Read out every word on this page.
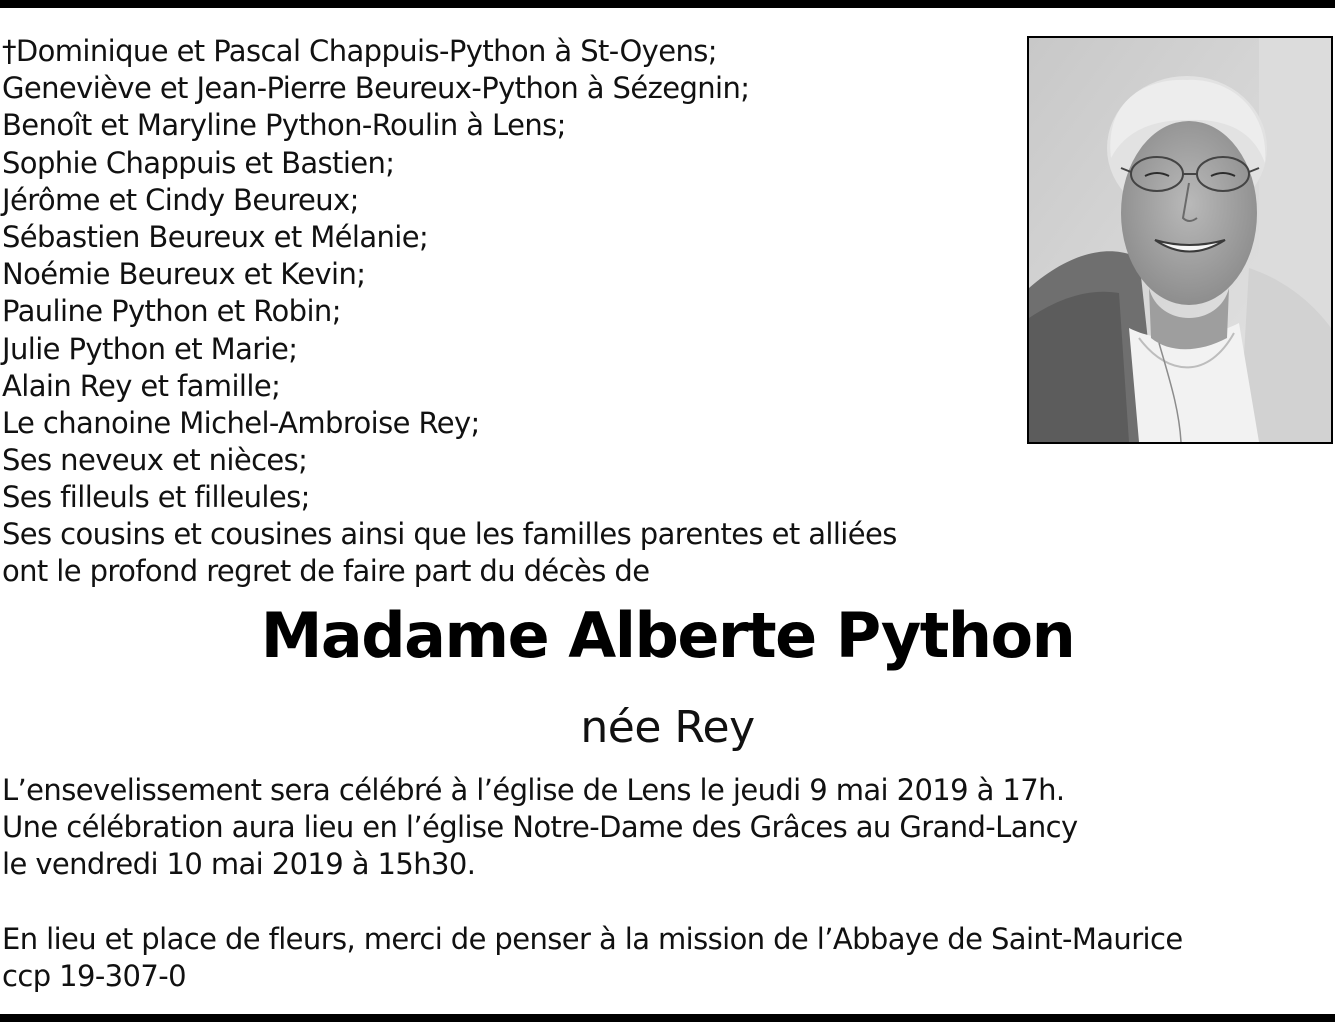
†Dominique et Pascal Chappuis-Python à St-Oyens;
Geneviève et Jean-Pierre Beureux-Python à Sézegnin;
Benoît et Maryline Python-Roulin à Lens;
Sophie Chappuis et Bastien;
Jérôme et Cindy Beureux;
Sébastien Beureux et Mélanie;
Noémie Beureux et Kevin;
Pauline Python et Robin;
Julie Python et Marie;
Alain Rey et famille;
Le chanoine Michel-Ambroise Rey;
Ses neveux et nièces;
Ses filleuls et filleules;
Ses cousins et cousines ainsi que les familles parentes et alliées
ont le profond regret de faire part du décès de
Madame Alberte Python
née Rey
L’ensevelissement sera célébré à l’église de Lens le jeudi 9 mai 2019 à 17h.
Une célébration aura lieu en l’église Notre-Dame des Grâces au Grand-Lancy
le vendredi 10 mai 2019 à 15h30.
En lieu et place de fleurs, merci de penser à la mission de l’Abbaye de Saint-Maurice
ccp 19-307-0
